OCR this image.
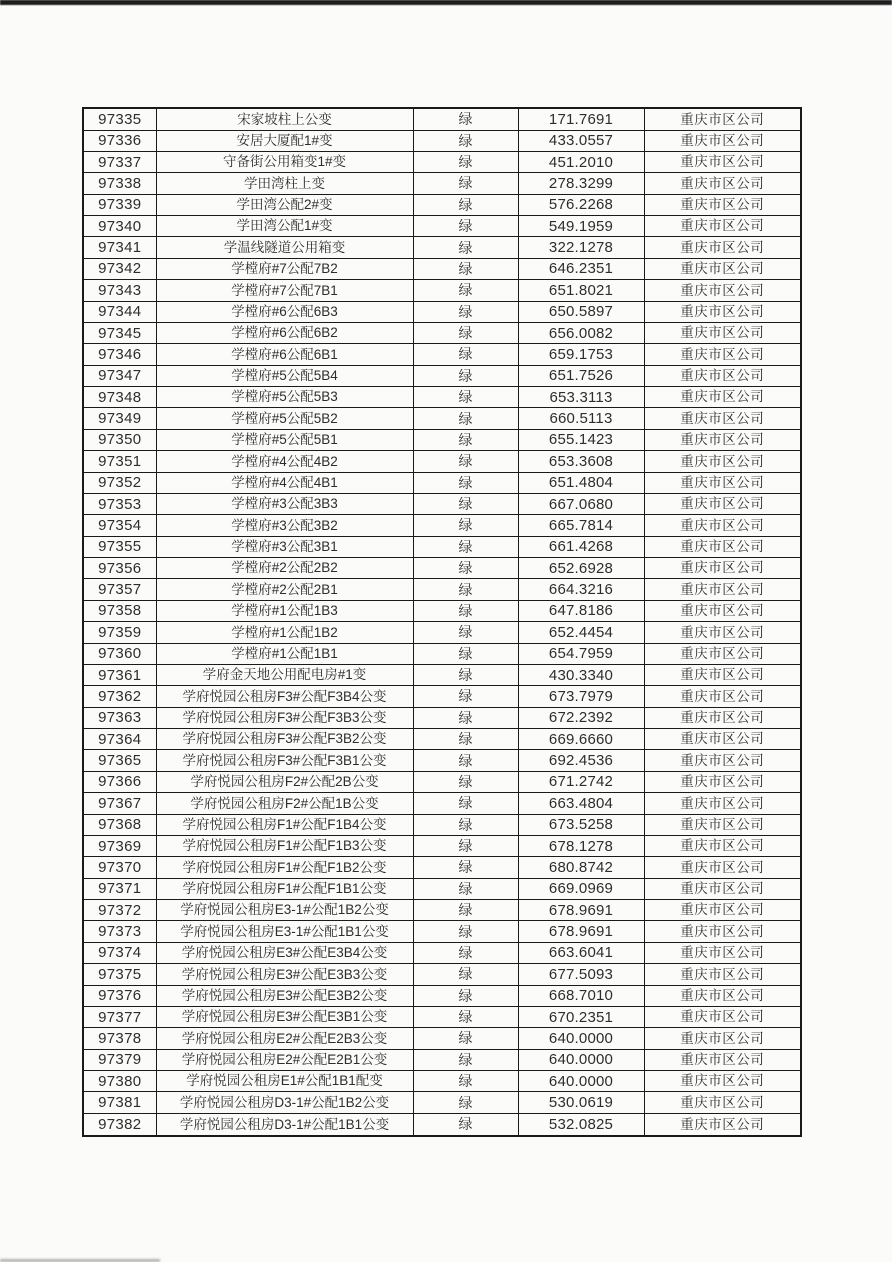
97335	宋家坡柱上公变	绿	171.7691	重庆市区公司
97336	安居大厦配1#变	绿	433.0557	重庆市区公司
97337	守备街公用箱变1#变	绿	451.2010	重庆市区公司
97338	学田湾柱上变	绿	278.3299	重庆市区公司
97339	学田湾公配2#变	绿	576.2268	重庆市区公司
97340	学田湾公配1#变	绿	549.1959	重庆市区公司
97341	学温线隧道公用箱变	绿	322.1278	重庆市区公司
97342	学樘府#7公配7B2	绿	646.2351	重庆市区公司
97343	学樘府#7公配7B1	绿	651.8021	重庆市区公司
97344	学樘府#6公配6B3	绿	650.5897	重庆市区公司
97345	学樘府#6公配6B2	绿	656.0082	重庆市区公司
97346	学樘府#6公配6B1	绿	659.1753	重庆市区公司
97347	学樘府#5公配5B4	绿	651.7526	重庆市区公司
97348	学樘府#5公配5B3	绿	653.3113	重庆市区公司
97349	学樘府#5公配5B2	绿	660.5113	重庆市区公司
97350	学樘府#5公配5B1	绿	655.1423	重庆市区公司
97351	学樘府#4公配4B2	绿	653.3608	重庆市区公司
97352	学樘府#4公配4B1	绿	651.4804	重庆市区公司
97353	学樘府#3公配3B3	绿	667.0680	重庆市区公司
97354	学樘府#3公配3B2	绿	665.7814	重庆市区公司
97355	学樘府#3公配3B1	绿	661.4268	重庆市区公司
97356	学樘府#2公配2B2	绿	652.6928	重庆市区公司
97357	学樘府#2公配2B1	绿	664.3216	重庆市区公司
97358	学樘府#1公配1B3	绿	647.8186	重庆市区公司
97359	学樘府#1公配1B2	绿	652.4454	重庆市区公司
97360	学樘府#1公配1B1	绿	654.7959	重庆市区公司
97361	学府金天地公用配电房#1变	绿	430.3340	重庆市区公司
97362	学府悦园公租房F3#公配F3B4公变	绿	673.7979	重庆市区公司
97363	学府悦园公租房F3#公配F3B3公变	绿	672.2392	重庆市区公司
97364	学府悦园公租房F3#公配F3B2公变	绿	669.6660	重庆市区公司
97365	学府悦园公租房F3#公配F3B1公变	绿	692.4536	重庆市区公司
97366	学府悦园公租房F2#公配2B公变	绿	671.2742	重庆市区公司
97367	学府悦园公租房F2#公配1B公变	绿	663.4804	重庆市区公司
97368	学府悦园公租房F1#公配F1B4公变	绿	673.5258	重庆市区公司
97369	学府悦园公租房F1#公配F1B3公变	绿	678.1278	重庆市区公司
97370	学府悦园公租房F1#公配F1B2公变	绿	680.8742	重庆市区公司
97371	学府悦园公租房F1#公配F1B1公变	绿	669.0969	重庆市区公司
97372	学府悦园公租房E3-1#公配1B2公变	绿	678.9691	重庆市区公司
97373	学府悦园公租房E3-1#公配1B1公变	绿	678.9691	重庆市区公司
97374	学府悦园公租房E3#公配E3B4公变	绿	663.6041	重庆市区公司
97375	学府悦园公租房E3#公配E3B3公变	绿	677.5093	重庆市区公司
97376	学府悦园公租房E3#公配E3B2公变	绿	668.7010	重庆市区公司
97377	学府悦园公租房E3#公配E3B1公变	绿	670.2351	重庆市区公司
97378	学府悦园公租房E2#公配E2B3公变	绿	640.0000	重庆市区公司
97379	学府悦园公租房E2#公配E2B1公变	绿	640.0000	重庆市区公司
97380	学府悦园公租房E1#公配1B1配变	绿	640.0000	重庆市区公司
97381	学府悦园公租房D3-1#公配1B2公变	绿	530.0619	重庆市区公司
97382	学府悦园公租房D3-1#公配1B1公变	绿	532.0825	重庆市区公司
